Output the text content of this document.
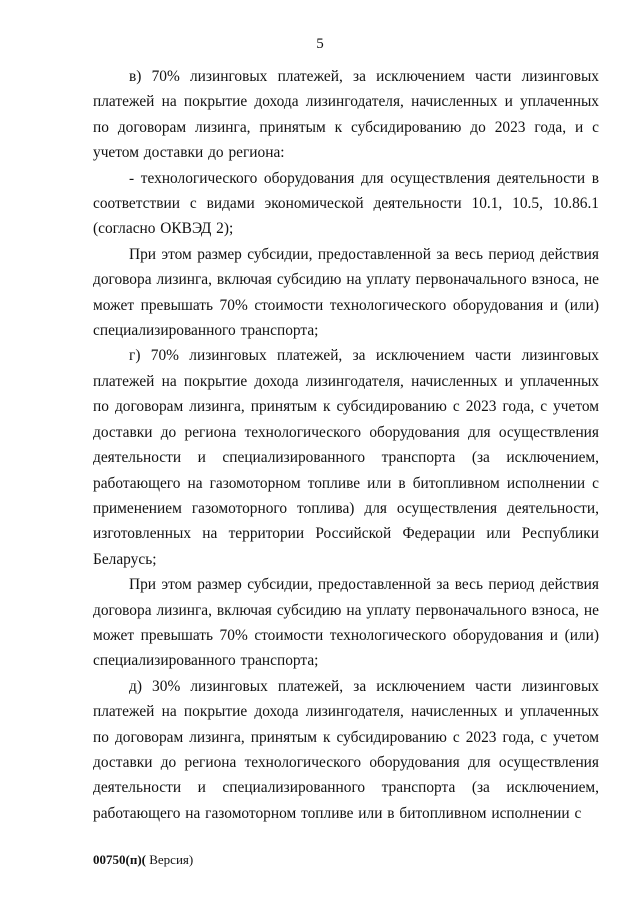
5

в) 70% лизинговых платежей, за исключением части лизинговых платежей на покрытие дохода лизингодателя, начисленных и уплаченных по договорам лизинга, принятым к субсидированию до 2023 года, и с учетом доставки до региона:

- технологического оборудования для осуществления деятельности в соответствии с видами экономической деятельности 10.1, 10.5, 10.86.1 (согласно ОКВЭД 2);

При этом размер субсидии, предоставленной за весь период действия договора лизинга, включая субсидию на уплату первоначального взноса, не может превышать 70% стоимости технологического оборудования и (или) специализированного транспорта;

г) 70% лизинговых платежей, за исключением части лизинговых платежей на покрытие дохода лизингодателя, начисленных и уплаченных по договорам лизинга, принятым к субсидированию с 2023 года, с учетом доставки до региона технологического оборудования для осуществления деятельности и специализированного транспорта (за исключением, работающего на газомоторном топливе или в битопливном исполнении с применением газомоторного топлива) для осуществления деятельности, изготовленных на территории Российской Федерации или Республики Беларусь;

При этом размер субсидии, предоставленной за весь период действия договора лизинга, включая субсидию на уплату первоначального взноса, не может превышать 70% стоимости технологического оборудования и (или) специализированного транспорта;

д) 30% лизинговых платежей, за исключением части лизинговых платежей на покрытие дохода лизингодателя, начисленных и уплаченных по договорам лизинга, принятым к субсидированию с 2023 года, с учетом доставки до региона технологического оборудования для осуществления деятельности и специализированного транспорта (за исключением, работающего на газомоторном топливе или в битопливном исполнении с

00750(п)( Версия)
